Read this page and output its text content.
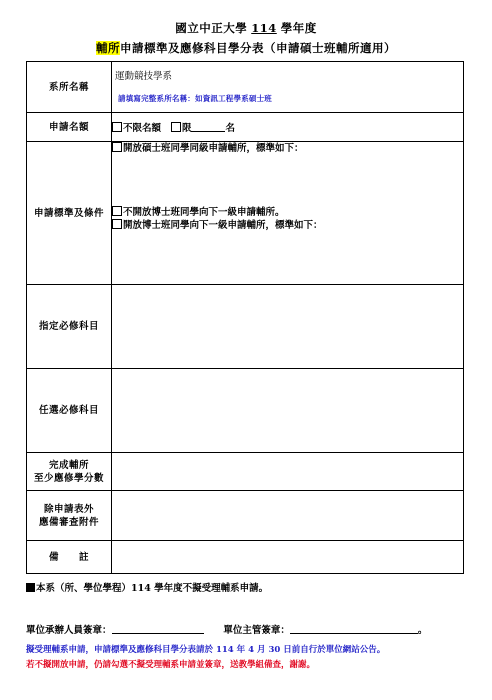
國立中正大學 114 學年度
輔所申請標準及應修科目學分表（申請碩士班輔所適用）
系所名稱	運動競技學系
請填寫完整系所名稱：如資訊工程學系碩士班

申請名額	不限名額 限 名
申請標準及條件	開放碩士班同學同級申請輔所，標準如下：
不開放博士班同學向下一級申請輔所。
開放博士班同學向下一級申請輔所，標準如下：

指定必修科目	
任選必修科目	

完成輔所
至少應修學分數	

除申請表外
應備審查附件	

備　　註	
本系（所、學位學程）114 學年度不擬受理輔系申請。
單位承辦人員簽章：	單位主管簽章：	。
擬受理輔系申請，申請標準及應修科目學分表請於 114 年 4 月 30 日前自行於單位網站公告。
若不擬開放申請，仍請勾選不擬受理輔系申請並簽章，送教學組備查，謝謝。
